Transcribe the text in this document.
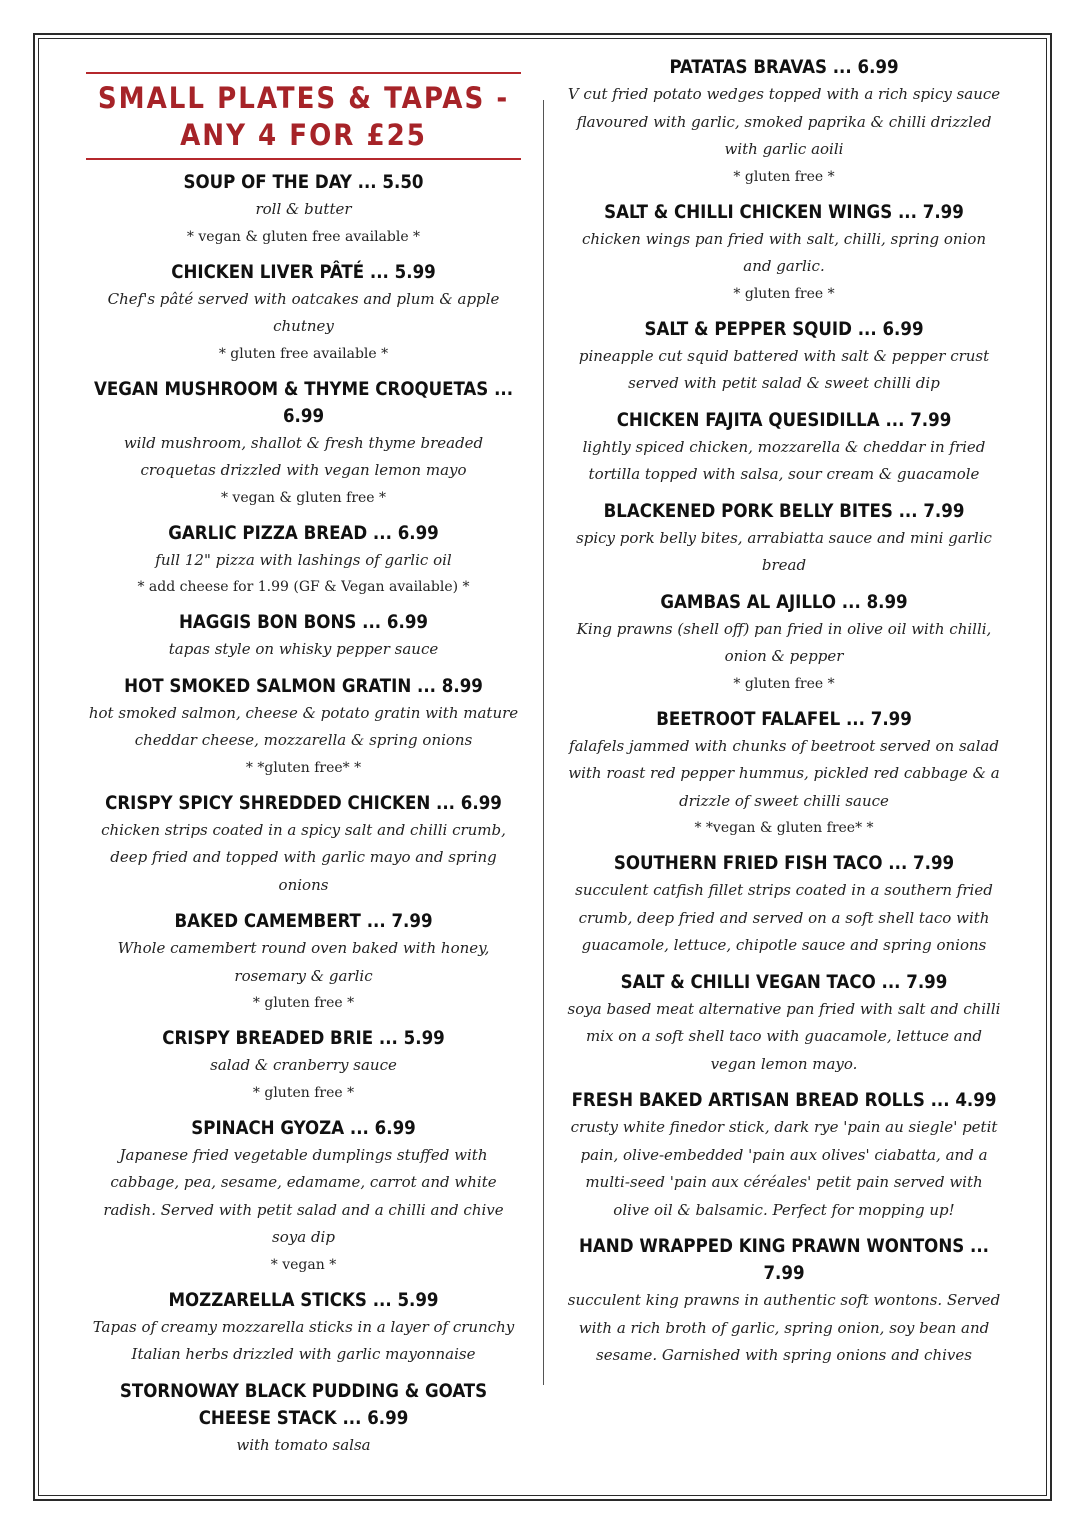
SMALL PLATES & TAPAS - ANY 4 FOR £25

SOUP OF THE DAY ... 5.50

roll & butter

* vegan & gluten free available *

CHICKEN LIVER PÂTÉ ... 5.99

Chef's pâté served with oatcakes and plum & apple chutney

* gluten free available *

VEGAN MUSHROOM & THYME CROQUETAS ... 6.99

wild mushroom, shallot & fresh thyme breaded croquetas drizzled with vegan lemon mayo

* vegan & gluten free *

GARLIC PIZZA BREAD ... 6.99

full 12" pizza with lashings of garlic oil

* add cheese for 1.99 (GF & Vegan available) *

HAGGIS BON BONS ... 6.99

tapas style on whisky pepper sauce

HOT SMOKED SALMON GRATIN ... 8.99

hot smoked salmon, cheese & potato gratin with mature cheddar cheese, mozzarella & spring onions

* *gluten free* *

CRISPY SPICY SHREDDED CHICKEN ... 6.99

chicken strips coated in a spicy salt and chilli crumb, deep fried and topped with garlic mayo and spring onions

BAKED CAMEMBERT ... 7.99

Whole camembert round oven baked with honey, rosemary & garlic

* gluten free *

CRISPY BREADED BRIE ... 5.99

salad & cranberry sauce

* gluten free *

SPINACH GYOZA ... 6.99

Japanese fried vegetable dumplings stuffed with cabbage, pea, sesame, edamame, carrot and white radish. Served with petit salad and a chilli and chive soya dip

* vegan *

MOZZARELLA STICKS ... 5.99

Tapas of creamy mozzarella sticks in a layer of crunchy Italian herbs drizzled with garlic mayonnaise

STORNOWAY BLACK PUDDING & GOATS CHEESE STACK ... 6.99

with tomato salsa

PATATAS BRAVAS ... 6.99

V cut fried potato wedges topped with a rich spicy sauce flavoured with garlic, smoked paprika & chilli drizzled with garlic aoili

* gluten free *

SALT & CHILLI CHICKEN WINGS ... 7.99

chicken wings pan fried with salt, chilli, spring onion and garlic.

* gluten free *

SALT & PEPPER SQUID ... 6.99

pineapple cut squid battered with salt & pepper crust served with petit salad & sweet chilli dip

CHICKEN FAJITA QUESIDILLA ... 7.99

lightly spiced chicken, mozzarella & cheddar in fried tortilla topped with salsa, sour cream & guacamole

BLACKENED PORK BELLY BITES ... 7.99

spicy pork belly bites, arrabiatta sauce and mini garlic bread

GAMBAS AL AJILLO ... 8.99

King prawns (shell off) pan fried in olive oil with chilli, onion & pepper

* gluten free *

BEETROOT FALAFEL ... 7.99

falafels jammed with chunks of beetroot served on salad with roast red pepper hummus, pickled red cabbage & a drizzle of sweet chilli sauce

* *vegan & gluten free* *

SOUTHERN FRIED FISH TACO ... 7.99

succulent catfish fillet strips coated in a southern fried crumb, deep fried and served on a soft shell taco with guacamole, lettuce, chipotle sauce and spring onions

SALT & CHILLI VEGAN TACO ... 7.99

soya based meat alternative pan fried with salt and chilli mix on a soft shell taco with guacamole, lettuce and vegan lemon mayo.

FRESH BAKED ARTISAN BREAD ROLLS ... 4.99

crusty white finedor stick, dark rye 'pain au siegle' petit pain, olive-embedded 'pain aux olives' ciabatta, and a multi-seed 'pain aux céréales' petit pain served with olive oil & balsamic. Perfect for mopping up!

HAND WRAPPED KING PRAWN WONTONS ... 7.99

succulent king prawns in authentic soft wontons. Served with a rich broth of garlic, spring onion, soy bean and sesame. Garnished with spring onions and chives
